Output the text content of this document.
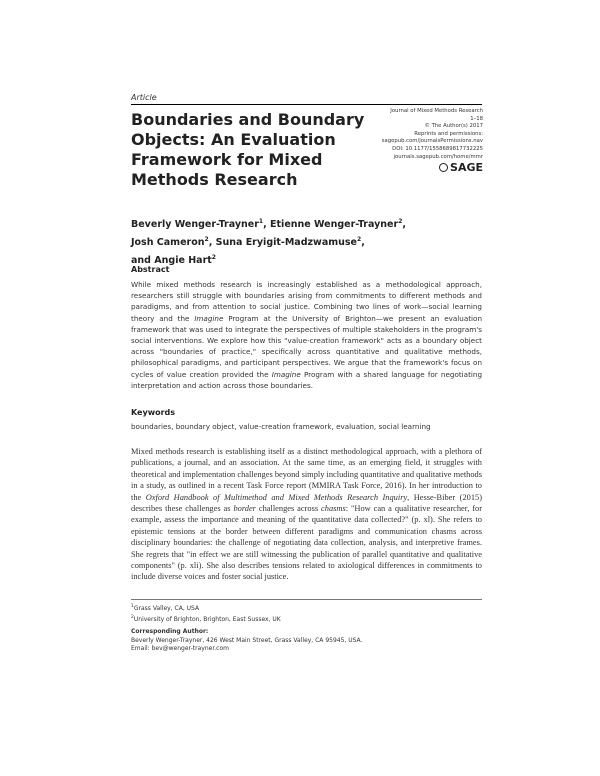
Article
Boundaries and Boundary Objects: An Evaluation Framework for Mixed Methods Research
Journal of Mixed Methods Research
1–18
© The Author(s) 2017
Reprints and permissions:
sagepub.com/journalsPermissions.nav
DOI: 10.1177/1558689817732225
journals.sagepub.com/home/mmr
SAGE
Beverly Wenger-Trayner$^1$, Etienne Wenger-Trayner$^2$,
Josh Cameron$^2$, Suna Eryigit-Madzwamuse$^2$,
and Angie Hart$^2$
Abstract
While mixed methods research is increasingly established as a methodological approach, researchers still struggle with boundaries arising from commitments to different methods and paradigms, and from attention to social justice. Combining two lines of work—social learning theory and the Imagine Program at the University of Brighton—we present an evaluation framework that was used to integrate the perspectives of multiple stakeholders in the program's social interventions. We explore how this "value-creation framework" acts as a boundary object across "boundaries of practice," specifically across quantitative and qualitative methods, philosophical paradigms, and participant perspectives. We argue that the framework's focus on cycles of value creation provided the Imagine Program with a shared language for negotiating interpretation and action across those boundaries.
Keywords
boundaries, boundary object, value-creation framework, evaluation, social learning
Mixed methods research is establishing itself as a distinct methodological approach, with a plethora of publications, a journal, and an association. At the same time, as an emerging field, it struggles with theoretical and implementation challenges beyond simply including quantitative and qualitative methods in a study, as outlined in a recent Task Force report (MMIRA Task Force, 2016). In her introduction to the Oxford Handbook of Multimethod and Mixed Methods Research Inquiry, Hesse-Biber (2015) describes these challenges as border challenges across chasms: "How can a qualitative researcher, for example, assess the importance and meaning of the quantitative data collected?" (p. xl). She refers to epistemic tensions at the border between different paradigms and communication chasms across disciplinary boundaries: the challenge of negotiating data collection, analysis, and interpretive frames. She regrets that "in effect we are still witnessing the publication of parallel quantitative and qualitative components" (p. xli). She also describes tensions related to axiological differences in commitments to include diverse voices and foster social justice.
$^1$Grass Valley, CA, USA
$^2$University of Brighton, Brighton, East Sussex, UK
Corresponding Author:
Beverly Wenger-Trayner, 426 West Main Street, Grass Valley, CA 95945, USA.
Email: bev@wenger-trayner.com
